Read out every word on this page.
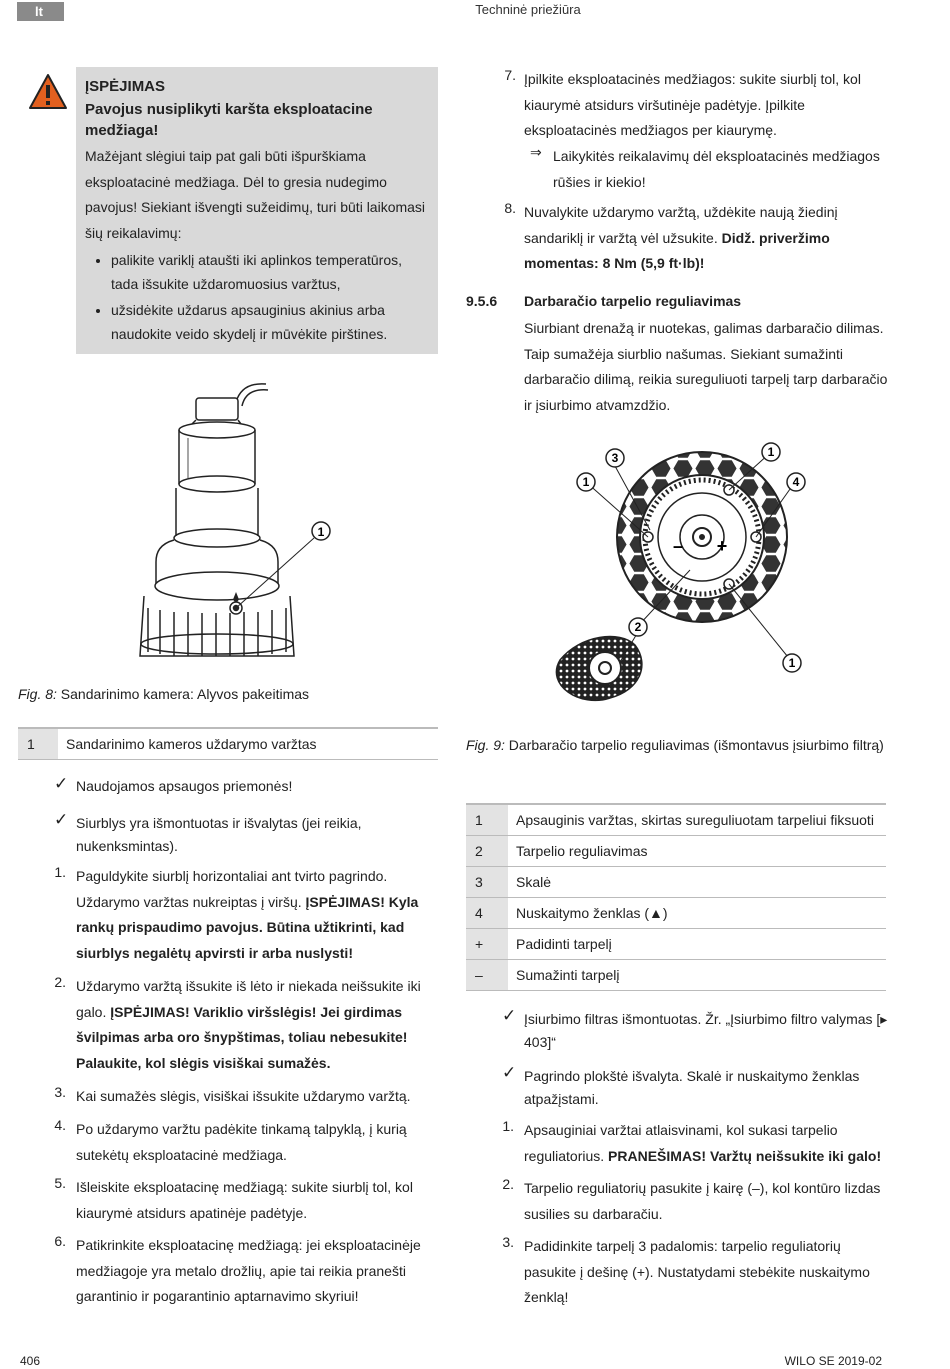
lt	Techninė priežiūra
ĮSPĖJIMAS
Pavojus nusiplikyti karšta eksploatacine medžiaga!
Mažėjant slėgiui taip pat gali būti išpurškiama eksploatacinė medžiaga. Dėl to gresia nudegimo pavojus! Siekiant išvengti sužeidimų, turi būti laikomasi šių reikalavimų:
• palikite variklį ataušti iki aplinkos temperatūros, tada išsukite uždaromuosius varžtus,
• užsidėkite uždarus apsauginius akinius arba naudokite veido skydelį ir mūvėkite pirštines.
1
Fig. 8: Sandarinimo kamera: Alyvos pakeitimas
1	Sandarinimo kameros uždarymo varžtas
✓ Naudojamos apsaugos priemonės!
✓ Siurblys yra išmontuotas ir išvalytas (jei reikia, nukenksmintas).
1. Paguldykite siurblį horizontaliai ant tvirto pagrindo. Uždarymo varžtas nukreiptas į viršų. ĮSPĖJIMAS! Kyla rankų prispaudimo pavojus. Būtina užtikrinti, kad siurblys negalėtų apvirsti ir arba nuslysti!
2. Uždarymo varžtą išsukite iš lėto ir niekada neišsukite iki galo. ĮSPĖJIMAS! Variklio viršslėgis! Jei girdimas švilpimas arba oro šnypštimas, toliau nebesukite! Palaukite, kol slėgis visiškai sumažės.
3. Kai sumažės slėgis, visiškai išsukite uždarymo varžtą.
4. Po uždarymo varžtu padėkite tinkamą talpyklą, į kurią sutekėtų eksploatacinė medžiaga.
5. Išleiskite eksploatacinę medžiagą: sukite siurblį tol, kol kiaurymė atsidurs apatinėje padėtyje.
6. Patikrinkite eksploatacinę medžiagą: jei eksploatacinėje medžiagoje yra metalo drožlių, apie tai reikia pranešti garantinio ir pogarantinio aptarnavimo skyriui!
7. Įpilkite eksploatacinės medžiagos: sukite siurblį tol, kol kiaurymė atsidurs viršutinėje padėtyje. Įpilkite eksploatacinės medžiagos per kiaurymę.
⇒ Laikykitės reikalavimų dėl eksploatacinės medžiagos rūšies ir kiekio!
8. Nuvalykite uždarymo varžtą, uždėkite naują žiedinį sandariklį ir varžtą vėl užsukite. Didž. priveržimo momentas: 8 Nm (5,9 ft·lb)!
9.5.6 Darbaračio tarpelio reguliavimas
Siurbiant drenažą ir nuotekas, galimas darbaračio dilimas. Taip sumažėja siurblio našumas. Siekiant sumažinti darbaračio dilimą, reikia sureguliuoti tarpelį tarp darbaračio ir įsiurbimo atvamzdžio.
– +
3
1
1
4
2
1
Fig. 9: Darbaračio tarpelio reguliavimas (išmontavus įsiurbimo filtrą)
1	Apsauginis varžtas, skirtas sureguliuotam tarpeliui fiksuoti
2	Tarpelio reguliavimas
3	Skalė
4	Nuskaitymo ženklas (▲)
+	Padidinti tarpelį
–	Sumažinti tarpelį
✓ Įsiurbimo filtras išmontuotas. Žr. „Įsiurbimo filtro valymas [▸ 403]“
✓ Pagrindo plokštė išvalyta. Skalė ir nuskaitymo ženklas atpažįstami.
1. Apsauginiai varžtai atlaisvinami, kol sukasi tarpelio reguliatorius. PRANEŠIMAS! Varžtų neišsukite iki galo!
2. Tarpelio reguliatorių pasukite į kairę (–), kol kontūro lizdas susilies su darbaračiu.
3. Padidinkite tarpelį 3 padalomis: tarpelio reguliatorių pasukite į dešinę (+). Nustatydami stebėkite nuskaitymo ženklą!
406	WILO SE 2019-02
